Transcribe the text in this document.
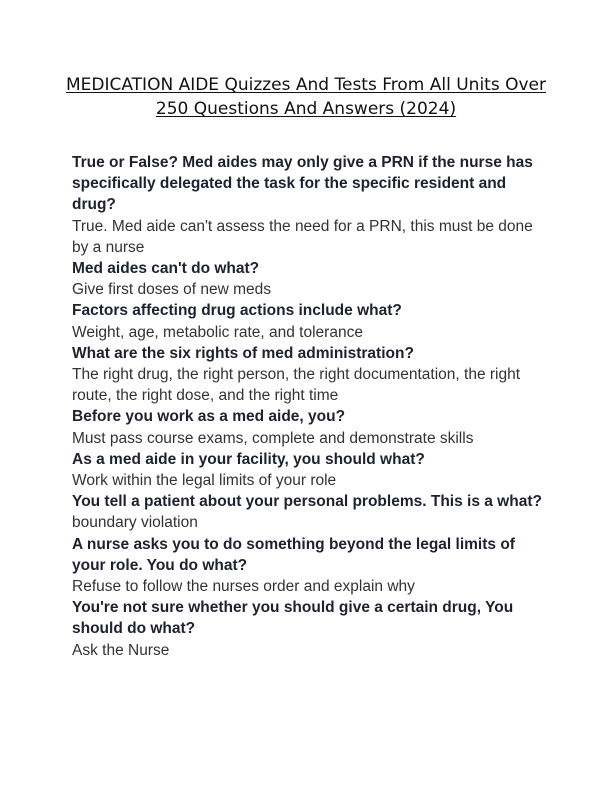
MEDICATION AIDE Quizzes And Tests From All Units Over
250 Questions And Answers (2024)

True or False? Med aides may only give a PRN if the nurse has specifically delegated the task for the specific resident and drug?

True. Med aide can't assess the need for a PRN, this must be done by a nurse

Med aides can't do what?

Give first doses of new meds

Factors affecting drug actions include what?

Weight, age, metabolic rate, and tolerance

What are the six rights of med administration?

The right drug, the right person, the right documentation, the right route, the right dose, and the right time

Before you work as a med aide, you?

Must pass course exams, complete and demonstrate skills

As a med aide in your facility, you should what?

Work within the legal limits of your role

You tell a patient about your personal problems. This is a what?

boundary violation

A nurse asks you to do something beyond the legal limits of your role. You do what?

Refuse to follow the nurses order and explain why

You're not sure whether you should give a certain drug, You should do what?

Ask the Nurse
